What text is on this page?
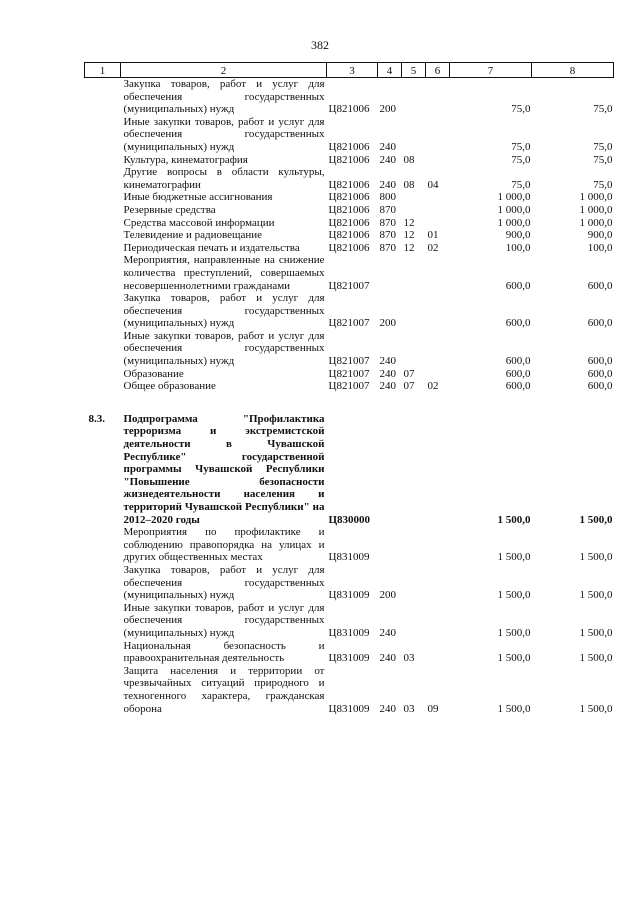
382
1	2	3	4	5	6	7	8
	Закупка товаров, работ и услуг для обеспечения государственных (муниципальных) нужд	Ц821006	200			75,0	75,0
	Иные закупки товаров, работ и услуг для обеспечения государственных (муниципальных) нужд	Ц821006	240			75,0	75,0
	Культура, кинематография	Ц821006	240	08		75,0	75,0
	Другие вопросы в области культуры, кинематографии	Ц821006	240	08	04	75,0	75,0
	Иные бюджетные ассигнования	Ц821006	800			1 000,0	1 000,0
	Резервные средства	Ц821006	870			1 000,0	1 000,0
	Средства массовой информации	Ц821006	870	12		1 000,0	1 000,0
	Телевидение и радиовещание	Ц821006	870	12	01	900,0	900,0
	Периодическая печать и издательства	Ц821006	870	12	02	100,0	100,0
	Мероприятия, направленные на снижение количества преступлений, совершаемых несовершеннолетними гражданами	Ц821007				600,0	600,0
	Закупка товаров, работ и услуг для обеспечения государственных (муниципальных) нужд	Ц821007	200			600,0	600,0
	Иные закупки товаров, работ и услуг для обеспечения государственных (муниципальных) нужд	Ц821007	240			600,0	600,0
	Образование	Ц821007	240	07		600,0	600,0
	Общее образование	Ц821007	240	07	02	600,0	600,0

8.3.	Подпрограмма "Профилактика терроризма и экстремистской деятельности в Чувашской Республике" государственной программы Чувашской Республики "Повышение безопасности жизнедеятельности населения и территорий Чувашской Республики" на 2012–2020 годы	Ц830000				1 500,0	1 500,0
	Мероприятия по профилактике и соблюдению правопорядка на улицах и других общественных местах	Ц831009				1 500,0	1 500,0
	Закупка товаров, работ и услуг для обеспечения государственных (муниципальных) нужд	Ц831009	200			1 500,0	1 500,0
	Иные закупки товаров, работ и услуг для обеспечения государственных (муниципальных) нужд	Ц831009	240			1 500,0	1 500,0
	Национальная безопасность и правоохранительная деятельность	Ц831009	240	03		1 500,0	1 500,0
	Защита населения и территории от чрезвычайных ситуаций природного и техногенного характера, гражданская оборона	Ц831009	240	03	09	1 500,0	1 500,0
